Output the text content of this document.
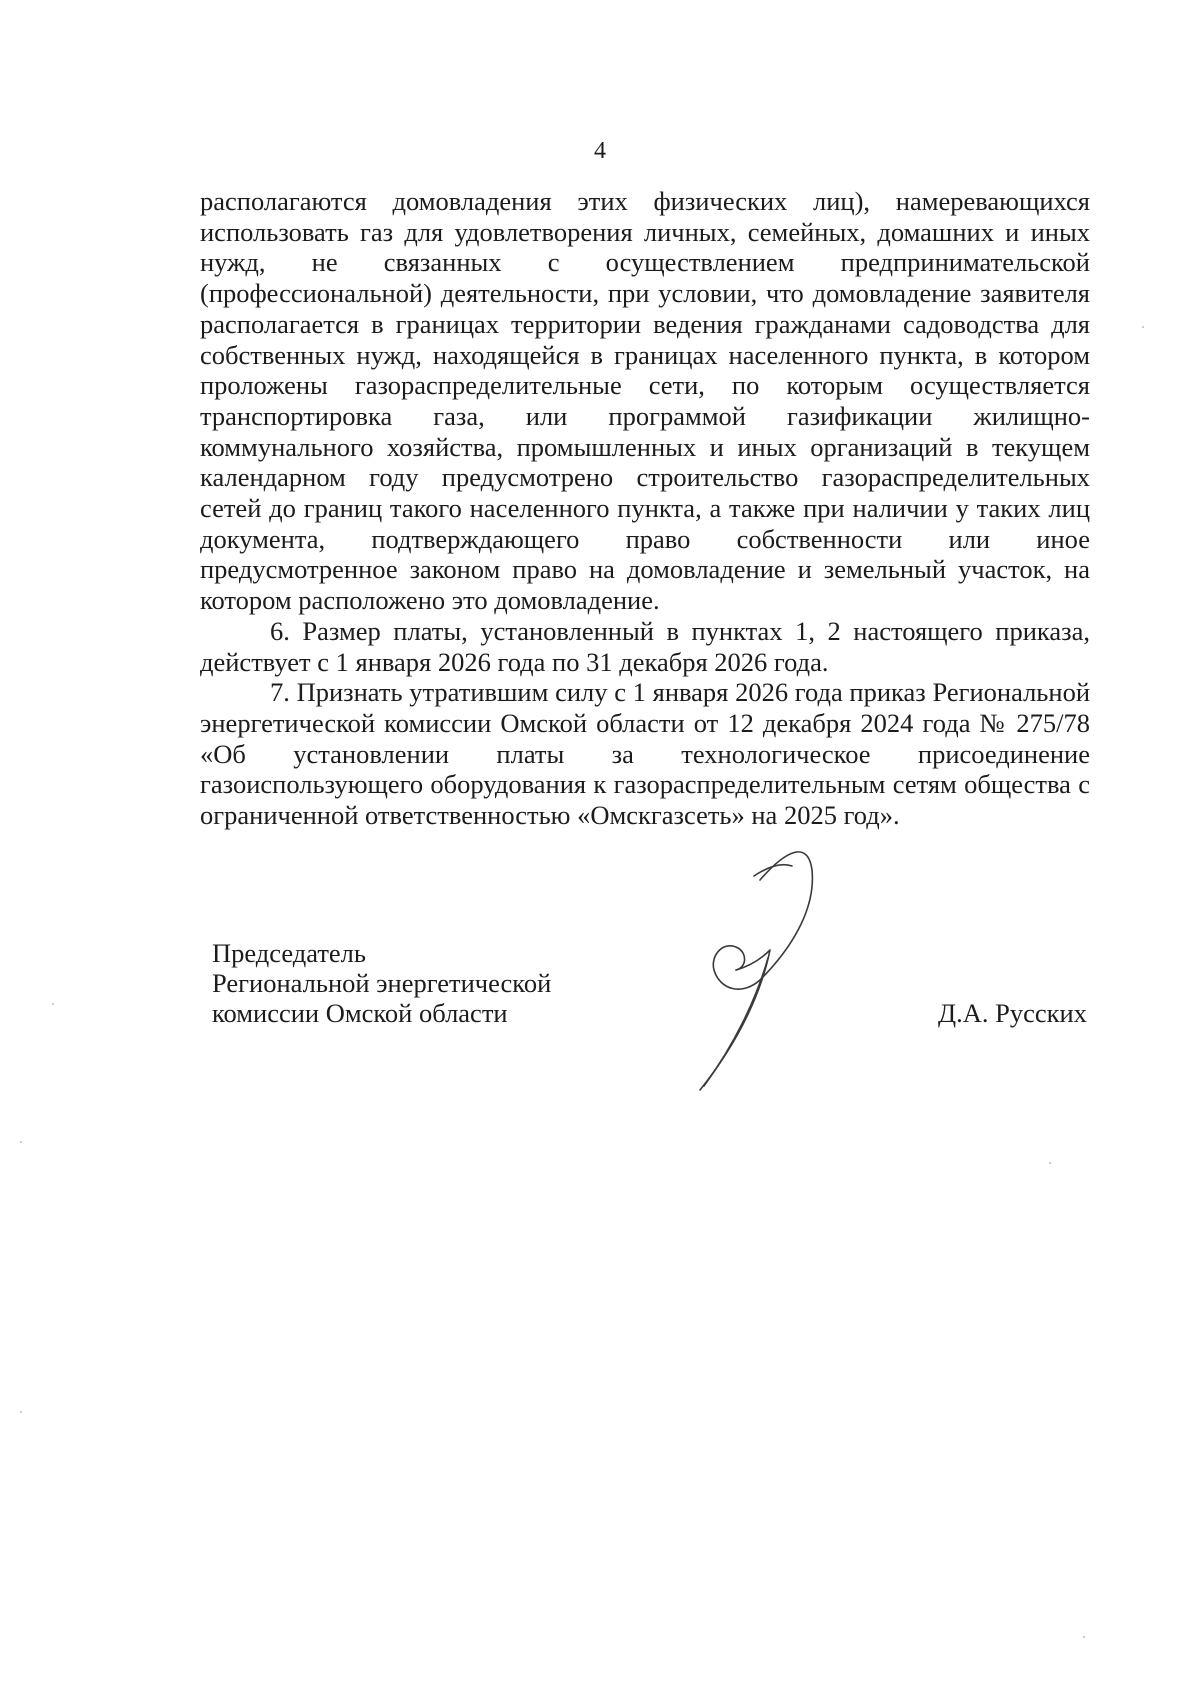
4

располагаются домовладения этих физических лиц), намеревающихся использовать газ для удовлетворения личных, семейных, домашних и иных нужд, не связанных с осуществлением предпринимательской (профессиональной) деятельности, при условии, что домовладение заявителя располагается в границах территории ведения гражданами садоводства для собственных нужд, находящейся в границах населенного пункта, в котором проложены газораспределительные сети, по которым осуществляется транспортировка газа, или программой газификации жилищно-коммунального хозяйства, промышленных и иных организаций в текущем календарном году предусмотрено строительство газораспределительных сетей до границ такого населенного пункта, а также при наличии у таких лиц документа, подтверждающего право собственности или иное предусмотренное законом право на домовладение и земельный участок, на котором расположено это домовладение.

6. Размер платы, установленный в пунктах 1, 2 настоящего приказа, действует с 1 января 2026 года по 31 декабря 2026 года.

7. Признать утратившим силу с 1 января 2026 года приказ Региональной энергетической комиссии Омской области от 12 декабря 2024 года № 275/78 «Об установлении платы за технологическое присоединение газоиспользующего оборудования к газораспределительным сетям общества с ограниченной ответственностью «Омскгазсеть» на 2025 год».

Председатель
Региональной энергетической
комиссии Омской области	Д.А. Русских
